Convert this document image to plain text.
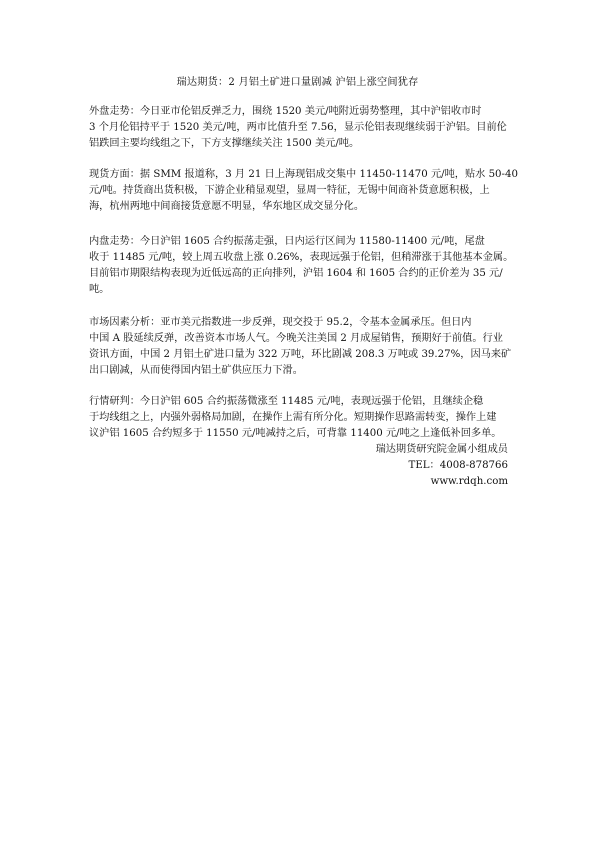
瑞达期货：2 月铝土矿进口量剧减 沪铝上涨空间犹存

外盘走势：今日亚市伦铝反弹乏力，围绕 1520 美元/吨附近弱势整理，其中沪铝收市时
3 个月伦铝持平于 1520 美元/吨，两市比值升至 7.56，显示伦铝表现继续弱于沪铝。目前伦
铝跌回主要均线组之下，下方支撑继续关注 1500 美元/吨。

现货方面：据 SMM 报道称，3 月 21 日上海现铝成交集中 11450-11470 元/吨，贴水 50-40
元/吨。持货商出货积极，下游企业稍显观望，显周一特征，无锡中间商补货意愿积极，上
海，杭州两地中间商接货意愿不明显，华东地区成交显分化。

内盘走势：今日沪铝 1605 合约振荡走强，日内运行区间为 11580-11400 元/吨，尾盘
收于 11485 元/吨，较上周五收盘上涨 0.26%，表现远强于伦铝，但稍滞涨于其他基本金属。
目前铝市期限结构表现为近低远高的正向排列，沪铝 1604 和 1605 合约的正价差为 35 元/
吨。

市场因素分析：亚市美元指数进一步反弹，现交投于 95.2，令基本金属承压。但日内
中国 A 股延续反弹，改善资本市场人气。今晚关注美国 2 月成屋销售，预期好于前值。行业
资讯方面，中国 2 月铝土矿进口量为 322 万吨，环比剧减 208.3 万吨或 39.27%，因马来矿
出口剧减，从而使得国内铝土矿供应压力下滑。

行情研判：今日沪铝 605 合约振荡微涨至 11485 元/吨，表现远强于伦铝，且继续企稳
于均线组之上，内强外弱格局加剧，在操作上需有所分化。短期操作思路需转变，操作上建
议沪铝 1605 合约短多于 11550 元/吨减持之后，可背靠 11400 元/吨之上逢低补回多单。

瑞达期货研究院金属小组成员
TEL：4008-878766
www.rdqh.com
